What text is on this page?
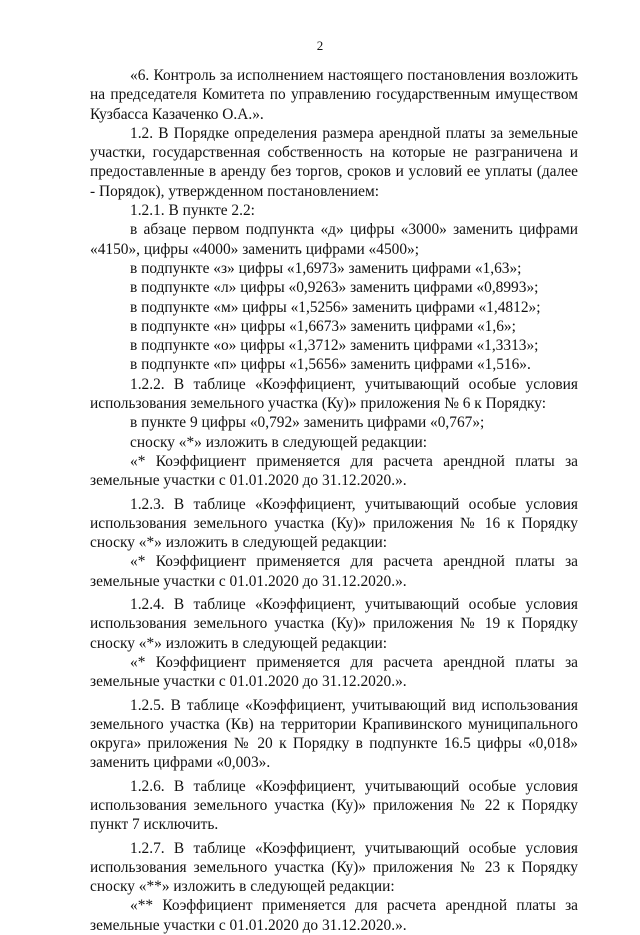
2

«6. Контроль за исполнением настоящего постановления возложить на председателя Комитета по управлению государственным имуществом Кузбасса Казаченко О.А.».

1.2. В Порядке определения размера арендной платы за земельные участки, государственная собственность на которые не разграничена и предоставленные в аренду без торгов, сроков и условий ее уплаты (далее - Порядок), утвержденном постановлением:

1.2.1. В пункте 2.2:

в абзаце первом подпункта «д» цифры «3000» заменить цифрами «4150», цифры «4000» заменить цифрами «4500»;

в подпункте «з» цифры «1,6973» заменить цифрами «1,63»;

в подпункте «л» цифры «0,9263» заменить цифрами «0,8993»;

в подпункте «м» цифры «1,5256» заменить цифрами «1,4812»;

в подпункте «н» цифры «1,6673» заменить цифрами «1,6»;

в подпункте «о» цифры «1,3712» заменить цифрами «1,3313»;

в подпункте «п» цифры «1,5656» заменить цифрами «1,516».

1.2.2. В таблице «Коэффициент, учитывающий особые условия использования земельного участка (Ку)» приложения № 6 к Порядку:

в пункте 9 цифры «0,792» заменить цифрами «0,767»;

сноску «*» изложить в следующей редакции:

«* Коэффициент применяется для расчета арендной платы за земельные участки с 01.01.2020 до 31.12.2020.».

1.2.3. В таблице «Коэффициент, учитывающий особые условия использования земельного участка (Ку)» приложения № 16 к Порядку сноску «*» изложить в следующей редакции:

«* Коэффициент применяется для расчета арендной платы за земельные участки с 01.01.2020 до 31.12.2020.».

1.2.4. В таблице «Коэффициент, учитывающий особые условия использования земельного участка (Ку)» приложения № 19 к Порядку сноску «*» изложить в следующей редакции:

«* Коэффициент применяется для расчета арендной платы за земельные участки с 01.01.2020 до 31.12.2020.».

1.2.5. В таблице «Коэффициент, учитывающий вид использования земельного участка (Кв) на территории Крапивинского муниципального округа» приложения № 20 к Порядку в подпункте 16.5 цифры «0,018» заменить цифрами «0,003».

1.2.6. В таблице «Коэффициент, учитывающий особые условия использования земельного участка (Ку)» приложения № 22 к Порядку пункт 7 исключить.

1.2.7. В таблице «Коэффициент, учитывающий особые условия использования земельного участка (Ку)» приложения № 23 к Порядку сноску «**» изложить в следующей редакции:

«** Коэффициент применяется для расчета арендной платы за земельные участки с 01.01.2020 до 31.12.2020.».
